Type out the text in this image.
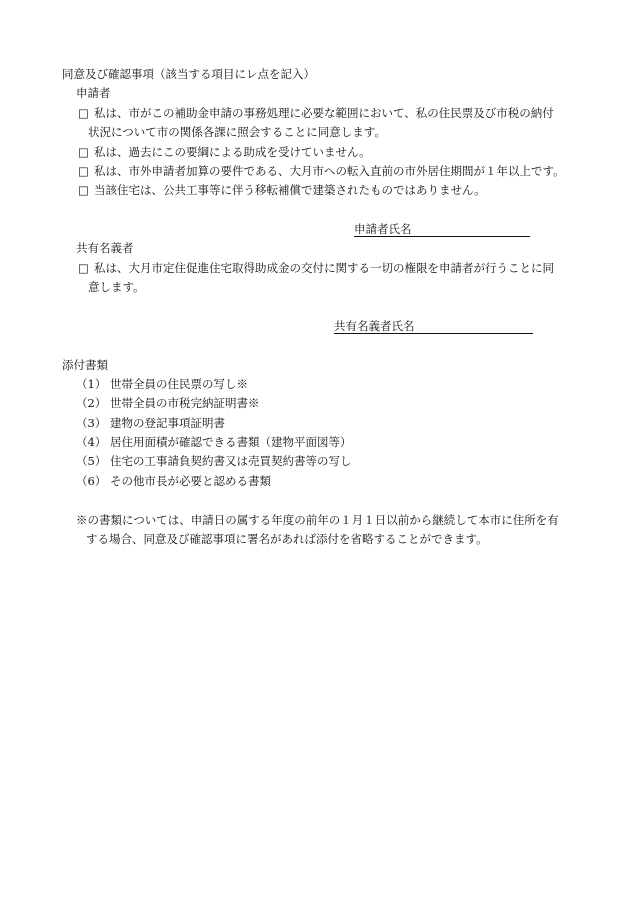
同意及び確認事項（該当する項目にレ点を記入）
申請者
□ 私は、市がこの補助金申請の事務処理に必要な範囲において、私の住民票及び市税の納付
状況について市の関係各課に照会することに同意します。
□ 私は、過去にこの要綱による助成を受けていません。
□ 私は、市外申請者加算の要件である、大月市への転入直前の市外居住期間が１年以上です。
□ 当該住宅は、公共工事等に伴う移転補償で建築されたものではありません。
申請者氏名
共有名義者
□ 私は、大月市定住促進住宅取得助成金の交付に関する一切の権限を申請者が行うことに同
意します。
共有名義者氏名
添付書類
（1） 世帯全員の住民票の写し※
（2） 世帯全員の市税完納証明書※
（3） 建物の登記事項証明書
（4） 居住用面積が確認できる書類（建物平面図等）
（5） 住宅の工事請負契約書又は売買契約書等の写し
（6） その他市長が必要と認める書類
※の書類については、申請日の属する年度の前年の１月１日以前から継続して本市に住所を有
する場合、同意及び確認事項に署名があれば添付を省略することができます。
